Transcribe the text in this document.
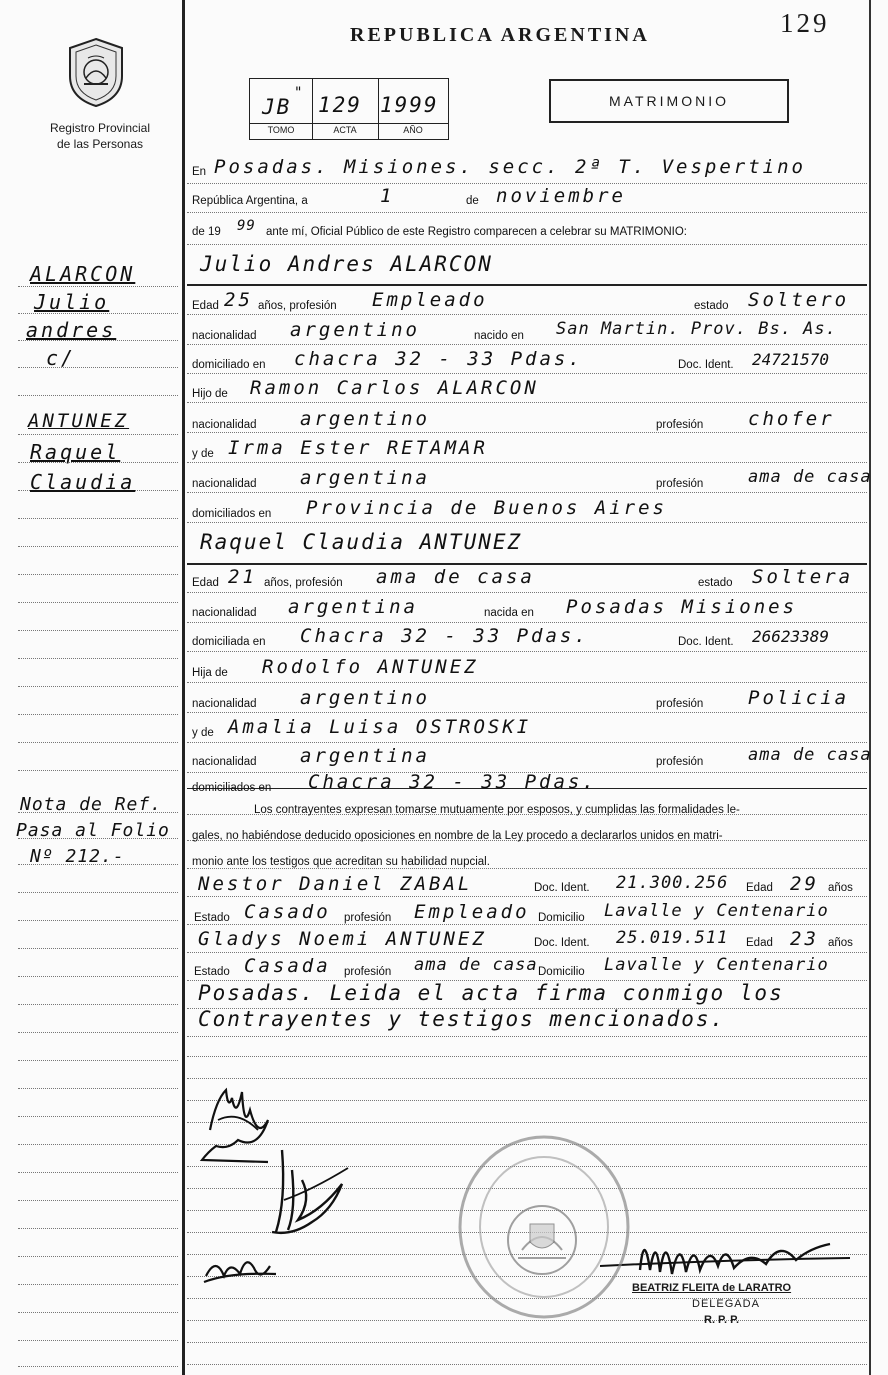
REPUBLICA ARGENTINA	129
Registro Provincial
de las Personas
JB
" 129 1999
TOMO	ACTA	AÑO
MATRIMONIO
ALARCON
Julio
andres
c/
ANTUNEZ
Raquel
Claudia
Nota de Ref.
Pasa al Folio
Nº 212.-
En Posadas. Misiones. secc. 2ª T. Vespertino
República Argentina, a	1	de noviembre
de 19 99 ante mí, Oficial Público de este Registro comparecen a celebrar su MATRIMONIO:
Julio Andres ALARCON
Edad 25 años, profesión Empleado	estado Soltero
nacionalidad argentino	nacido en San Martin. Prov. Bs. As.
domiciliado en chacra 32 - 33 Pdas.	Doc. Ident. 24721570
Hijo de Ramon Carlos ALARCON
nacionalidad argentino	profesión chofer
y de Irma Ester RETAMAR
nacionalidad argentina	profesión	ama de casa
domiciliados en Provincia de Buenos Aires
Raquel Claudia ANTUNEZ
Edad 21 años, profesión ama de casa	estado Soltera
nacionalidad argentina	nacida en Posadas Misiones
domiciliada en Chacra 32 - 33 Pdas.	Doc. Ident. 26623389
Hija de Rodolfo ANTUNEZ
nacionalidad argentino	profesión Policia
y de Amalia Luisa OSTROSKI
nacionalidad argentina	profesión	ama de casa
domiciliados en Chacra 32 - 33 Pdas.
Los contrayentes expresan tomarse mutuamente por esposos, y cumplidas las formalidades le-
gales, no habiéndose deducido oposiciones en nombre de la Ley procedo a declararlos unidos en matri-
monio ante los testigos que acreditan su habilidad nupcial.
Nestor Daniel ZABAL	Doc. Ident. 21.300.256 Edad 29 años
Estado Casado profesión Empleado Domicilio Lavalle y Centenario
Gladys Noemi ANTUNEZ	Doc. Ident. 25.019.511 Edad 23 años
Estado Casada profesión ama de casa Domicilio Lavalle y Centenario
Posadas. Leida el acta firma conmigo los
Contrayentes y testigos mencionados.
BEATRIZ FLEITA de LARATRO
DELEGADA
R. P. P.
